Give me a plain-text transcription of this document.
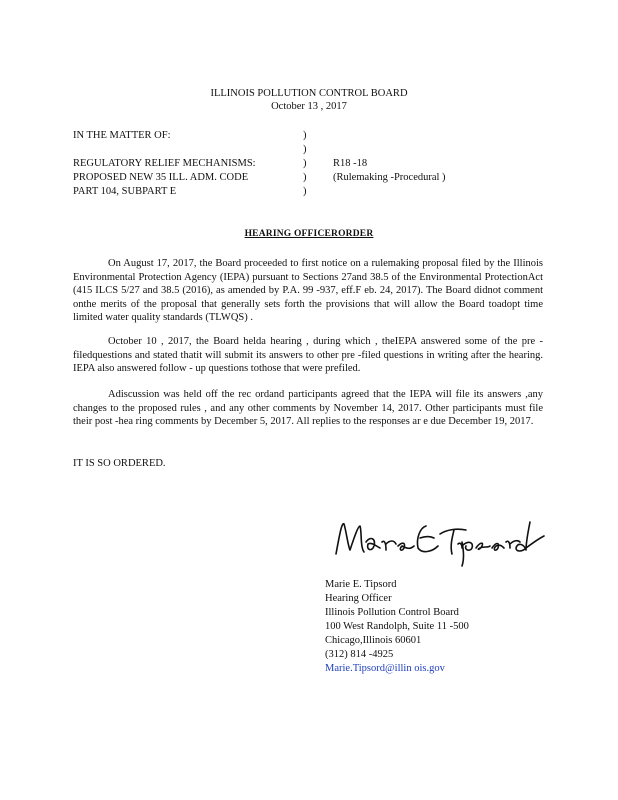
ILLINOIS POLLUTION CONTROL BOARD
October 13 , 2017
IN THE MATTER OF:
REGULATORY RELIEF MECHANISMS:
PROPOSED NEW 35 ILL. ADM. CODE
PART 104, SUBPART E
)
)
)
)
)
R18 -18
(Rulemaking -Procedural )
HEARING OFFICERORDER
On August 17, 2017, the Board proceeded to first notice on a rulemaking proposal filed by the Illinois Environmental Protection Agency (IEPA) pursuant to Sections 27and 38.5 of the Environmental ProtectionAct (415 ILCS 5/27 and 38.5 (2016), as amended by P.A. 99 -937, eff.F eb. 24, 2017). The Board didnot comment onthe merits of the proposal that generally sets forth the provisions that will allow the Board toadopt time limited water quality standards (TLWQS) .
October 10 , 2017, the Board helda hearing , during which , theIEPA answered some of the pre -filedquestions and stated thatit will submit its answers to other pre -filed questions in writing after the hearing. IEPA also answered follow - up questions tothose that were prefiled.
Adiscussion was held off the rec ordand participants agreed that the IEPA will file its answers ,any changes to the proposed rules , and any other comments by November 14, 2017. Other participants must file their post -hea ring comments by December 5, 2017. All replies to the responses ar e due December 19, 2017.
IT IS SO ORDERED.
Marie E. Tipsord
Hearing Officer
Illinois Pollution Control Board
100 West Randolph, Suite 11 -500
Chicago,Illinois 60601
(312) 814 -4925
Marie.Tipsord@illin ois.gov
